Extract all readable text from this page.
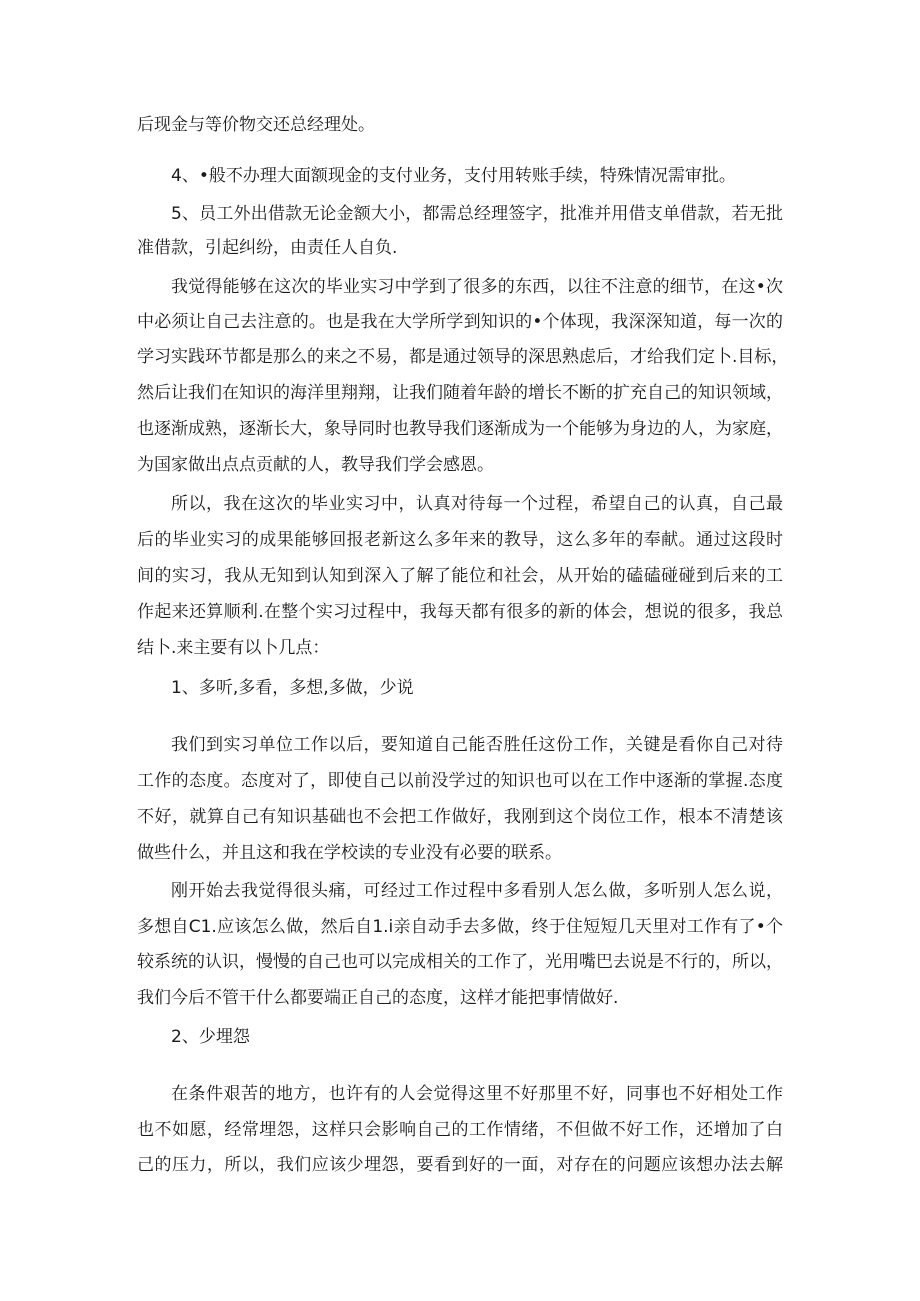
后现金与等价物交还总经理处。
4、•般不办理大面额现金的支付业务，支付用转账手续，特殊情况需审批。
5、员工外出借款无论金额大小，都需总经理签字，批准并用借支单借款，若无批
准借款，引起纠纷，由责任人自负.
我觉得能够在这次的毕业实习中学到了很多的东西，以往不注意的细节，在这•次
中必须让自己去注意的。也是我在大学所学到知识的•个体现，我深深知道，每一次的
学习实践环节都是那么的来之不易，都是通过领导的深思熟虑后，才给我们定卜.目标，
然后让我们在知识的海洋里翔翔，让我们随着年龄的增长不断的扩充自己的知识领域，
也逐渐成熟，逐渐长大，象导同时也教导我们逐渐成为一个能够为身边的人，为家庭，
为国家做出点点贡献的人，教导我们学会感恩。
所以，我在这次的毕业实习中，认真对待每一个过程，希望自己的认真，自己最
后的毕业实习的成果能够回报老新这么多年来的教导，这么多年的奉献。通过这段时
间的实习，我从无知到认知到深入了解了能位和社会，从开始的磕磕碰碰到后来的工
作起来还算顺利.在整个实习过程中，我每天都有很多的新的体会，想说的很多，我总
结卜.来主要有以卜几点：
1、多听,多看，多想,多做，少说
我们到实习单位工作以后，要知道自己能否胜任这份工作，关键是看你自己对待
工作的态度。态度对了，即使自己以前没学过的知识也可以在工作中逐渐的掌握.态度
不好，就算自己有知识基础也不会把工作做好，我刚到这个岗位工作，根本不清楚该
做些什么，并且这和我在学校读的专业没有必要的联系。
刚开始去我觉得很头痛，可经过工作过程中多看别人怎么做，多听别人怎么说，
多想自C1.应该怎么做，然后自1.i亲自动手去多做，终于住短短几天里对工作有了•个
较系统的认识，慢慢的自己也可以完成相关的工作了，光用嘴巴去说是不行的，所以，
我们今后不管干什么都要端正自己的态度，这样才能把事情做好.
2、少埋怨
在条件艰苦的地方，也许有的人会觉得这里不好那里不好，同事也不好相处工作
也不如愿，经常埋怨，这样只会影响自己的工作情绪，不但做不好工作，还增加了白
己的压力，所以，我们应该少埋怨，要看到好的一面，对存在的问题应该想办法去解
